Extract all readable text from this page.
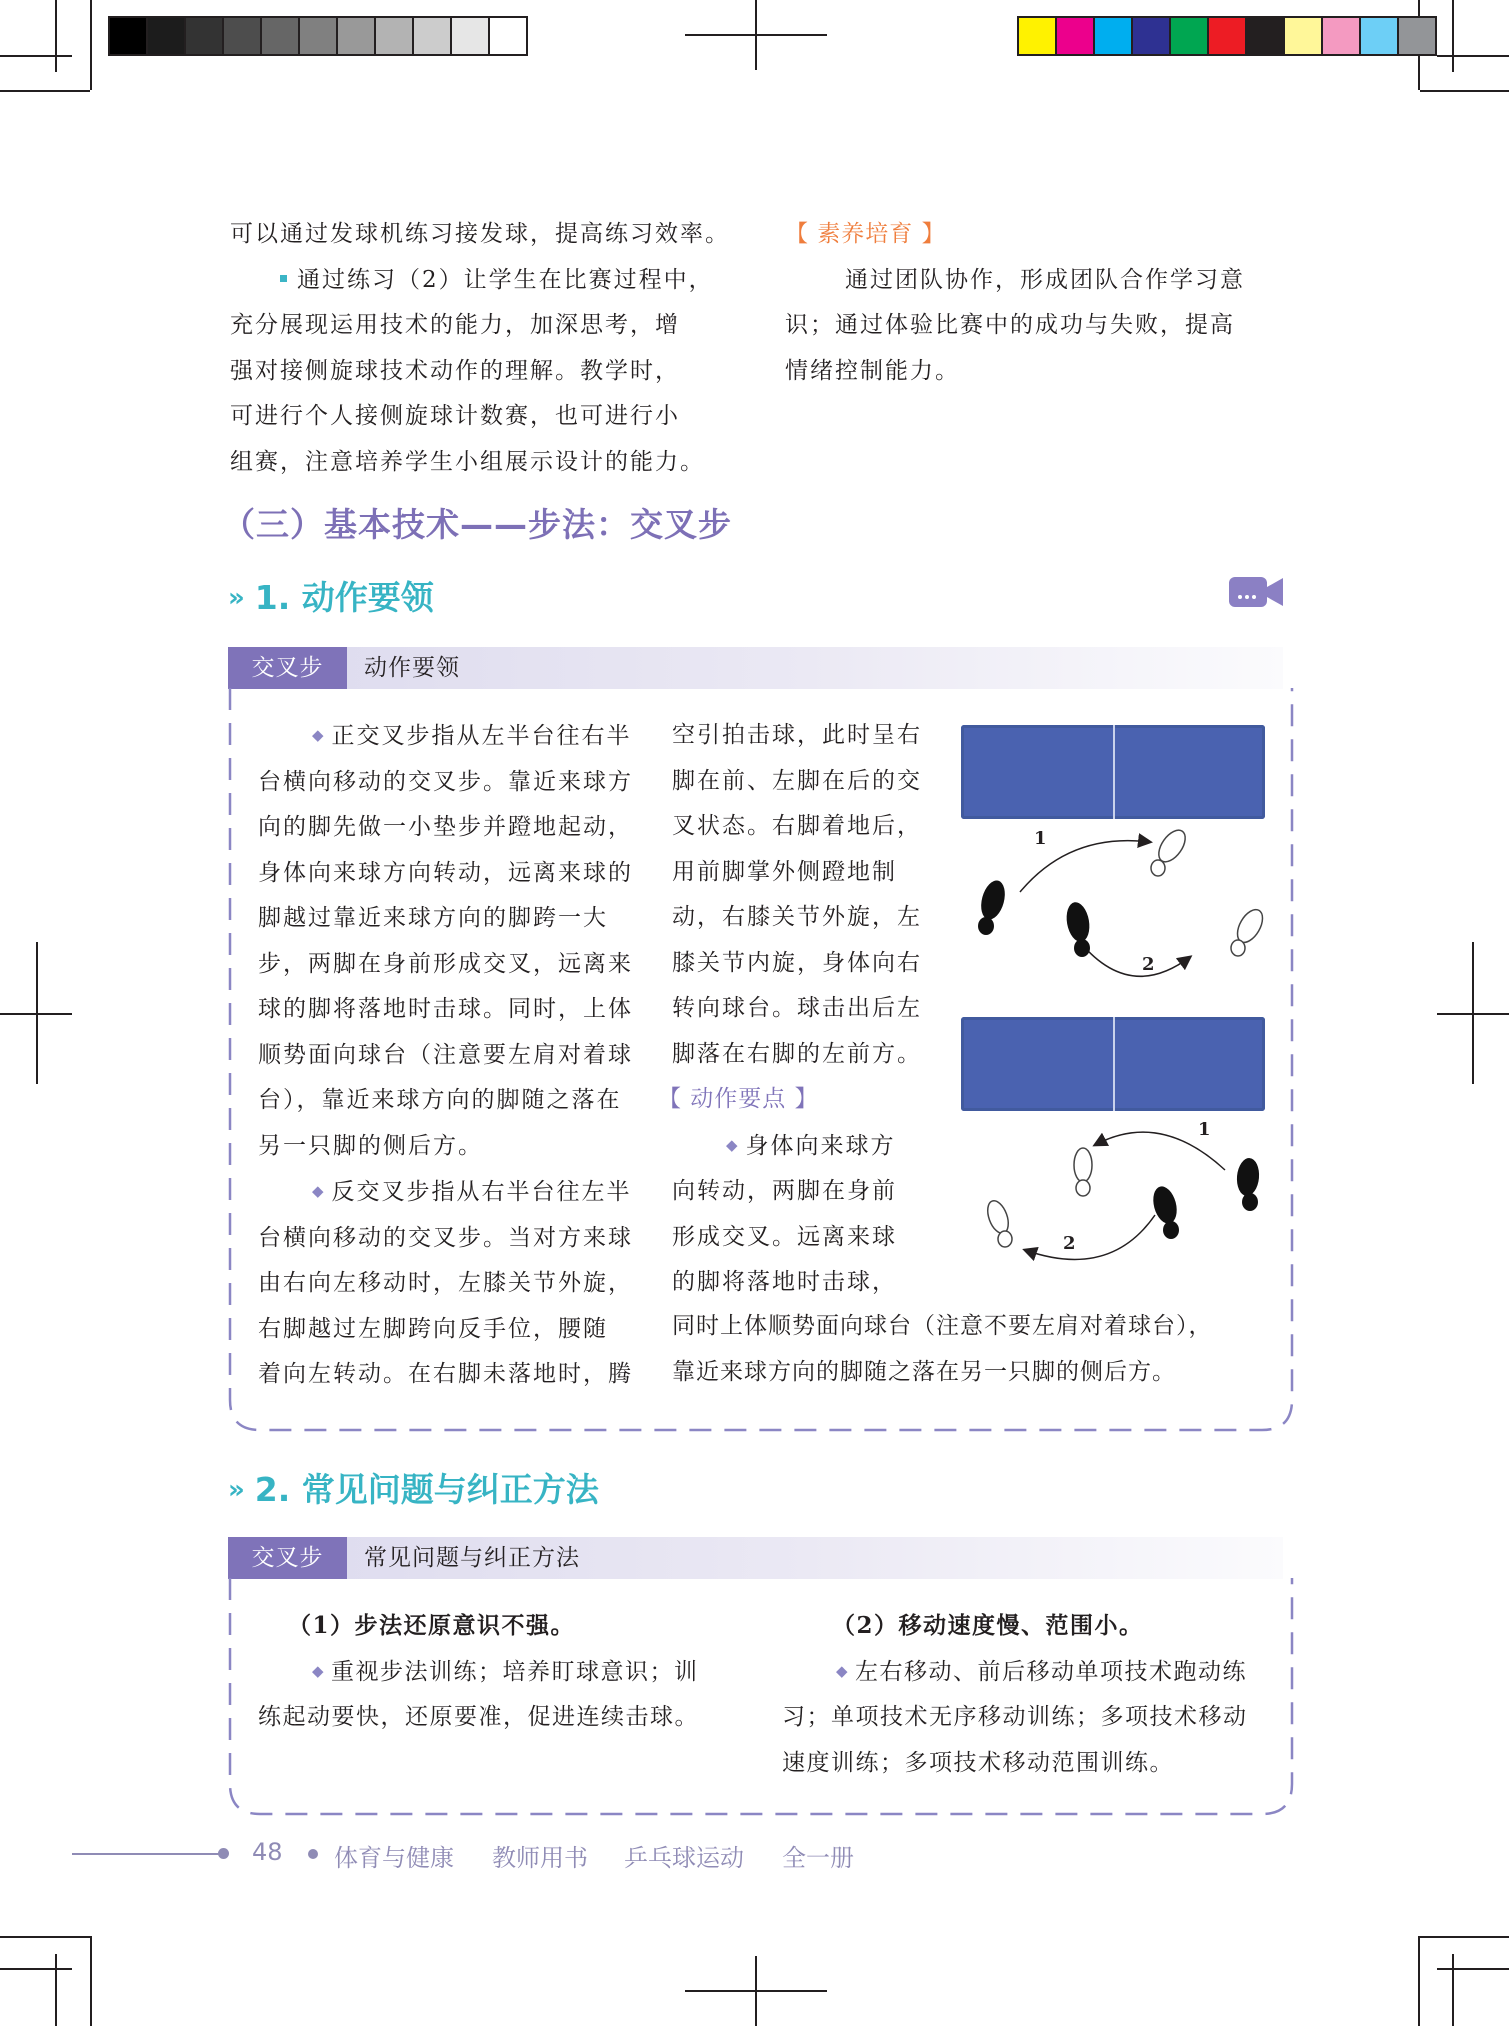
可以通过发球机练习接发球，提高练习效率。

通过练习（2）让学生在比赛过程中，

充分展现运用技术的能力，加深思考，增

强对接侧旋球技术动作的理解。教学时，

可进行个人接侧旋球计数赛，也可进行小

组赛，注意培养学生小组展示设计的能力。

【 素养培育 】

通过团队协作，形成团队合作学习意

识；通过体验比赛中的成功与失败，提高

情绪控制能力。

（三）基本技术——步法：交叉步
» 1. 动作要领
交叉步	动作要领

◆ 正交叉步指从左半台往右半

台横向移动的交叉步。靠近来球方

向的脚先做一小垫步并蹬地起动，

身体向来球方向转动，远离来球的

脚越过靠近来球方向的脚跨一大

步，两脚在身前形成交叉，远离来

球的脚将落地时击球。同时，上体

顺势面向球台（注意要左肩对着球

台），靠近来球方向的脚随之落在

另一只脚的侧后方。

◆ 反交叉步指从右半台往左半

台横向移动的交叉步。当对方来球

由右向左移动时，左膝关节外旋，

右脚越过左脚跨向反手位，腰随

着向左转动。在右脚未落地时，腾

空引拍击球，此时呈右

脚在前、左脚在后的交

叉状态。右脚着地后，

用前脚掌外侧蹬地制

动，右膝关节外旋，左

膝关节内旋，身体向右

转向球台。球击出后左

脚落在右脚的左前方。

【 动作要点 】

◆ 身体向来球方

向转动，两脚在身前

形成交叉。远离来球

的脚将落地时击球，

同时上体顺势面向球台（注意不要左肩对着球台），

靠近来球方向的脚随之落在另一只脚的侧后方。

1
2
1
2
» 2. 常见问题与纠正方法
交叉步	常见问题与纠正方法

（1）步法还原意识不强。

◆ 重视步法训练；培养盯球意识；训

练起动要快，还原要准，促进连续击球。

（2）移动速度慢、范围小。

◆ 左右移动、前后移动单项技术跑动练

习；单项技术无序移动训练；多项技术移动

速度训练；多项技术移动范围训练。

48 体育与健康 教师用书 乒乓球运动 全一册
